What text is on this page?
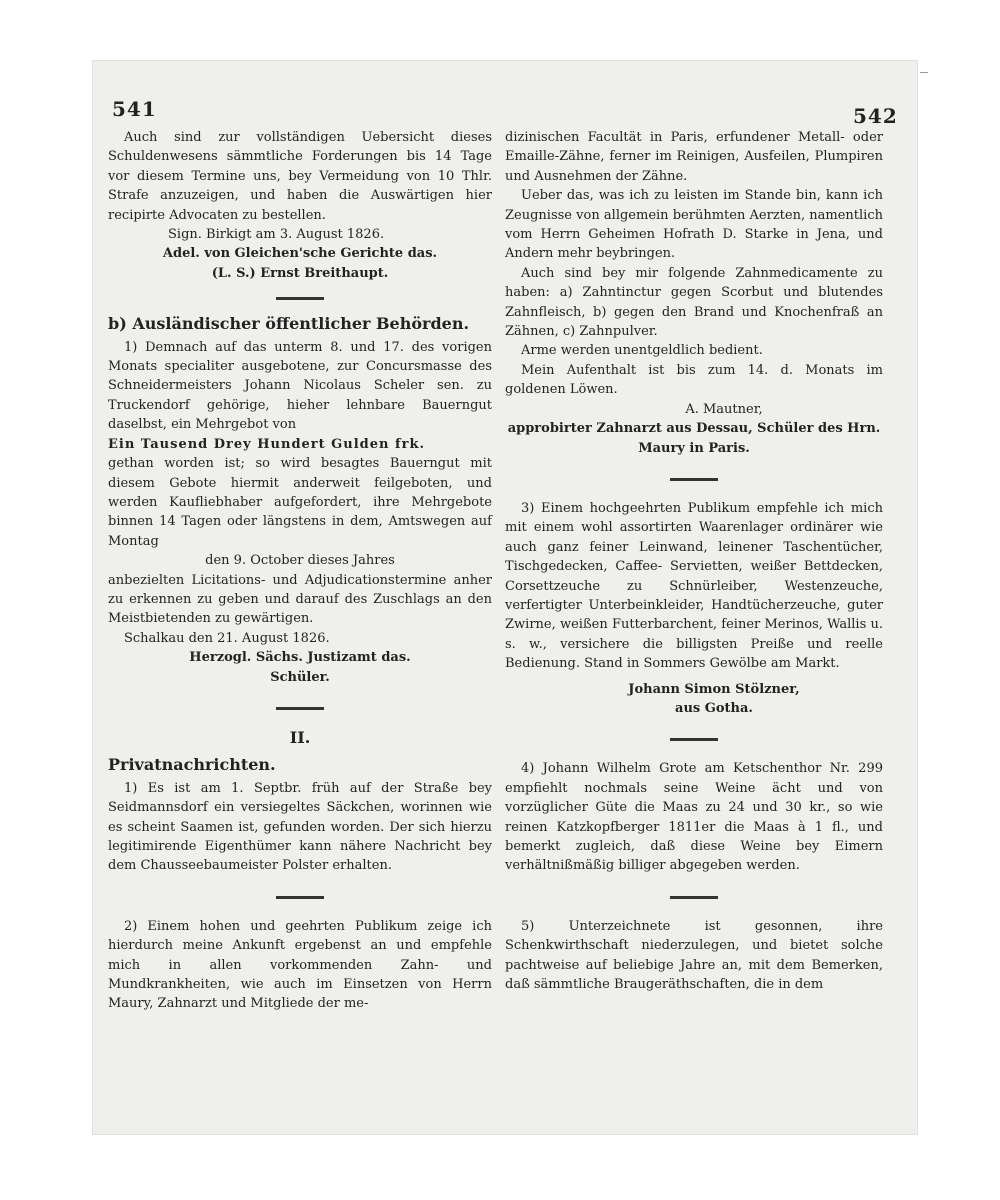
541	542

Auch sind zur vollständigen Uebersicht dieses Schuldenwesens sämmtliche Forderungen bis 14 Tage vor diesem Termine uns, bey Vermeidung von 10 Thlr. Strafe anzuzeigen, und haben die Auswärtigen hier recipirte Advocaten zu bestellen.

Sign. Birkigt am 3. August 1826.

Adel. von Gleichen'sche Gerichte das.

(L. S.) Ernst Breithaupt.

b) Ausländischer öffentlicher Behörden.

1) Demnach auf das unterm 8. und 17. des vorigen Monats specialiter ausgebotene, zur Concursmasse des Schneidermeisters Johann Nicolaus Scheler sen. zu Truckendorf gehörige, hieher lehnbare Bauerngut daselbst, ein Mehrgebot von

Ein Tausend Drey Hundert Gulden frk.

gethan worden ist; so wird besagtes Bauerngut mit diesem Gebote hiermit anderweit feilgeboten, und werden Kaufliebhaber aufgefordert, ihre Mehrgebote binnen 14 Tagen oder längstens in dem, Amtswegen auf Montag

den 9. October dieses Jahres

anbezielten Licitations- und Adjudicationstermine anher zu erkennen zu geben und darauf des Zuschlags an den Meistbietenden zu gewärtigen.

Schalkau den 21. August 1826.

Herzogl. Sächs. Justizamt das.

Schüler.

II.

Privatnachrichten.

1) Es ist am 1. Septbr. früh auf der Straße bey Seidmannsdorf ein versiegeltes Säckchen, worinnen wie es scheint Saamen ist, gefunden worden. Der sich hierzu legitimirende Eigenthümer kann nähere Nachricht bey dem Chausseebaumeister Polster erhalten.

2) Einem hohen und geehrten Publikum zeige ich hierdurch meine Ankunft ergebenst an und empfehle mich in allen vorkommenden Zahn- und Mundkrankheiten, wie auch im Einsetzen von Herrn Maury, Zahnarzt und Mitgliede der me-

dizinischen Facultät in Paris, erfundener Metall- oder Emaille-Zähne, ferner im Reinigen, Ausfeilen, Plumpiren und Ausnehmen der Zähne.

Ueber das, was ich zu leisten im Stande bin, kann ich Zeugnisse von allgemein berühmten Aerzten, namentlich vom Herrn Geheimen Hofrath D. Starke in Jena, und Andern mehr beybringen.

Auch sind bey mir folgende Zahnmedicamente zu haben: a) Zahntinctur gegen Scorbut und blutendes Zahnfleisch, b) gegen den Brand und Knochenfraß an Zähnen, c) Zahnpulver.

Arme werden unentgeldlich bedient.

Mein Aufenthalt ist bis zum 14. d. Monats im goldenen Löwen.

A. Mautner,

approbirter Zahnarzt aus Dessau, Schüler des Hrn. Maury in Paris.

3) Einem hochgeehrten Publikum empfehle ich mich mit einem wohl assortirten Waarenlager ordinärer wie auch ganz feiner Leinwand, leinener Taschentücher, Tischgedecken, Caffee- Servietten, weißer Bettdecken, Corsettzeuche zu Schnürleiber, Westenzeuche, verfertigter Unterbeinkleider, Handtücherzeuche, guter Zwirne, weißen Futterbarchent, feiner Merinos, Wallis u. s. w., versichere die billigsten Preiße und reelle Bedienung. Stand in Sommers Gewölbe am Markt.

Johann Simon Stölzner,

aus Gotha.

4) Johann Wilhelm Grote am Ketschenthor Nr. 299 empfiehlt nochmals seine Weine ächt und von vorzüglicher Güte die Maas zu 24 und 30 kr., so wie reinen Katzkopfberger 1811er die Maas à 1 fl., und bemerkt zugleich, daß diese Weine bey Eimern verhältnißmäßig billiger abgegeben werden.

5) Unterzeichnete ist gesonnen, ihre Schenkwirthschaft niederzulegen, und bietet solche pachtweise auf beliebige Jahre an, mit dem Bemerken, daß sämmtliche Braugeräthschaften, die in dem
